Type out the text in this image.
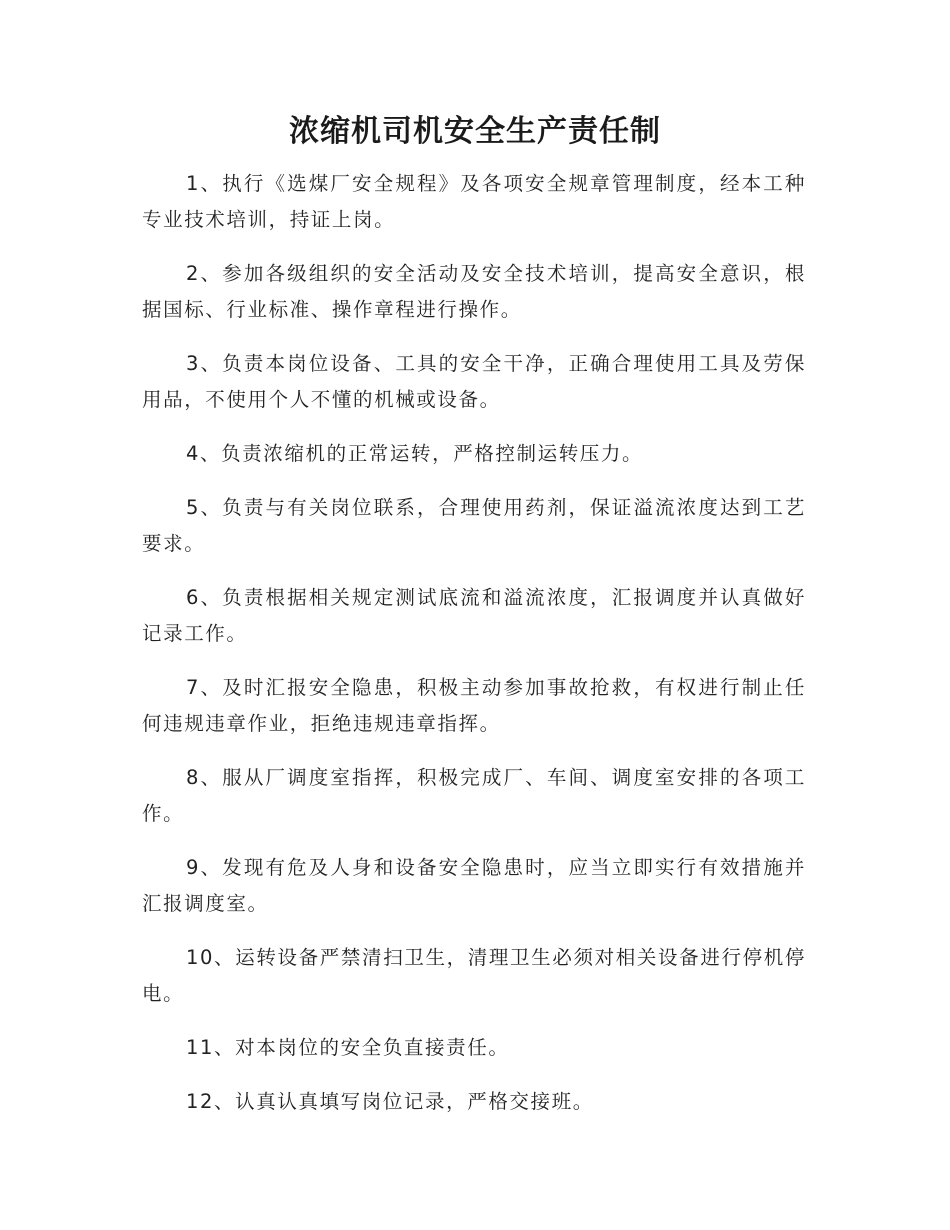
浓缩机司机安全生产责任制

1、执行《选煤厂安全规程》及各项安全规章管理制度，经本工种专业技术培训，持证上岗。

2、参加各级组织的安全活动及安全技术培训，提高安全意识，根据国标、行业标准、操作章程进行操作。

3、负责本岗位设备、工具的安全干净，正确合理使用工具及劳保用品，不使用个人不懂的机械或设备。

4、负责浓缩机的正常运转，严格控制运转压力。

5、负责与有关岗位联系，合理使用药剂，保证溢流浓度达到工艺要求。

6、负责根据相关规定测试底流和溢流浓度，汇报调度并认真做好记录工作。

7、及时汇报安全隐患，积极主动参加事故抢救，有权进行制止任何违规违章作业，拒绝违规违章指挥。

8、服从厂调度室指挥，积极完成厂、车间、调度室安排的各项工作。

9、发现有危及人身和设备安全隐患时，应当立即实行有效措施并汇报调度室。

10、运转设备严禁清扫卫生，清理卫生必须对相关设备进行停机停电。

11、对本岗位的安全负直接责任。

12、认真认真填写岗位记录，严格交接班。
